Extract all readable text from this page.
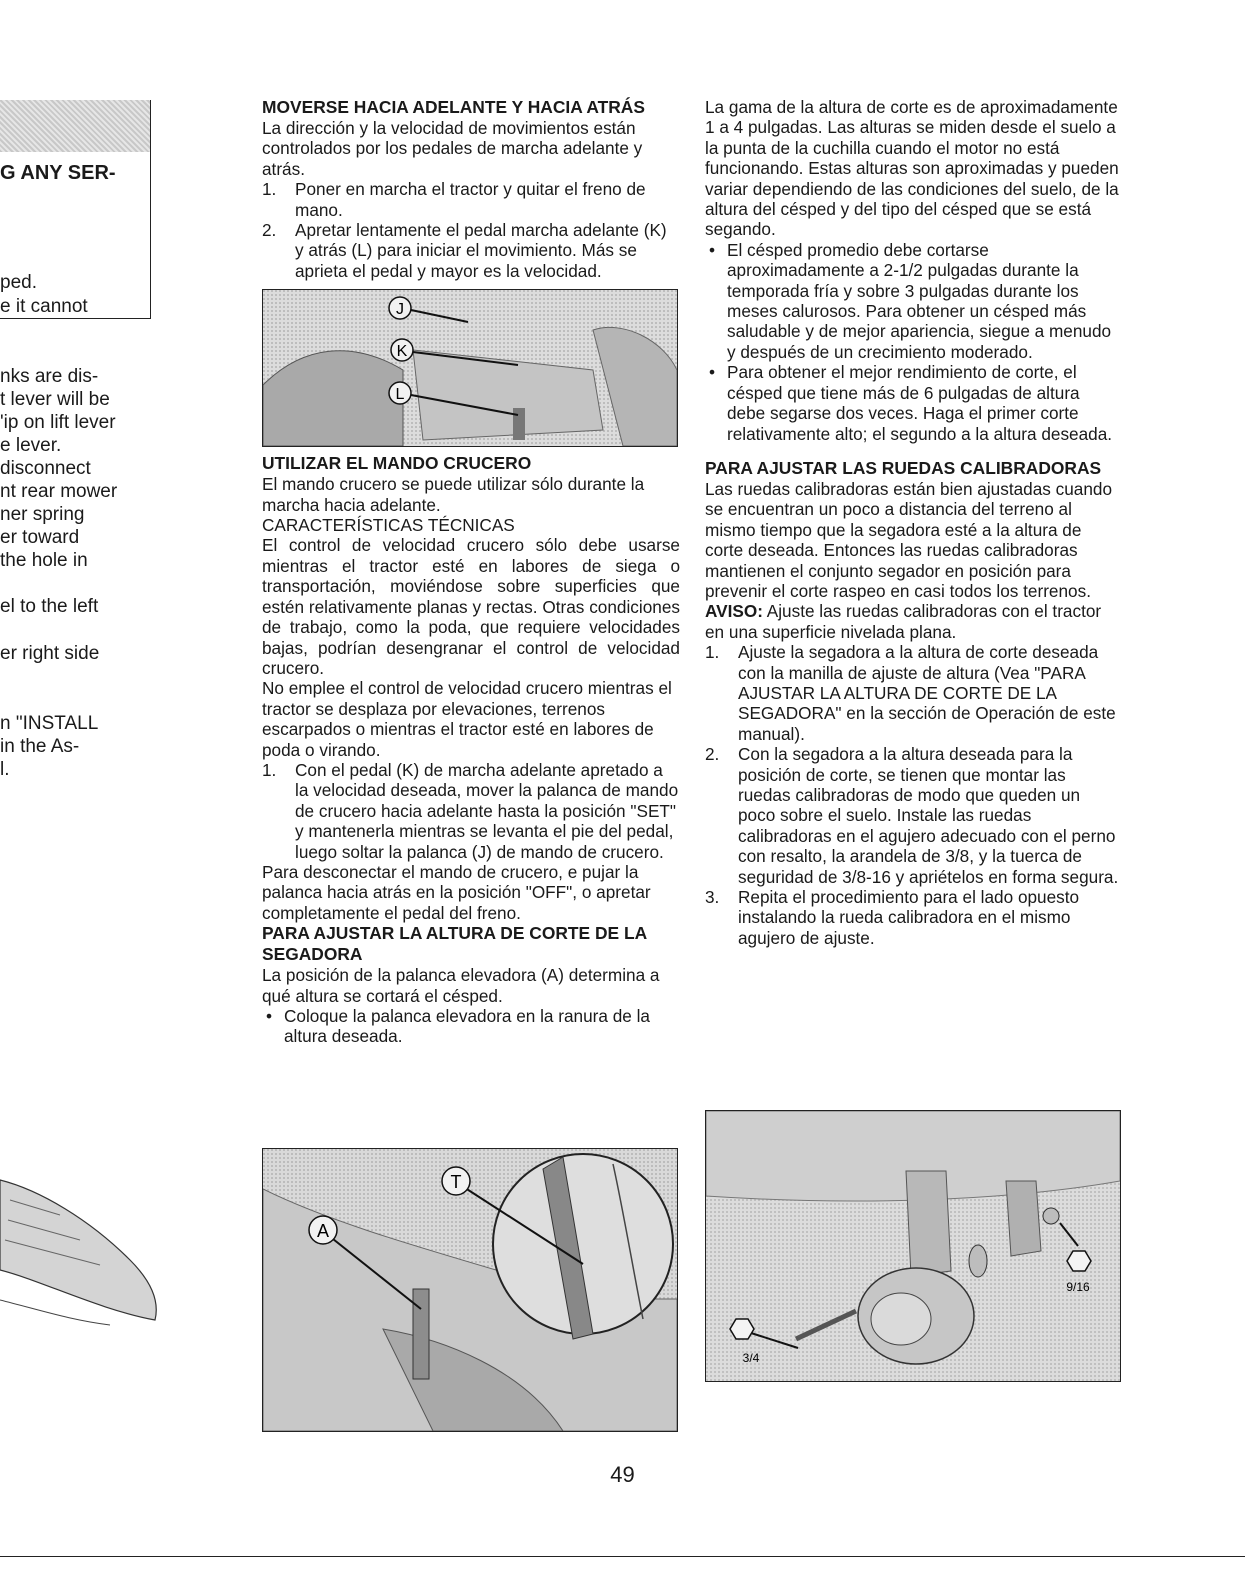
G ANY SER-
ped.
e it cannot
nks are dis-
t lever will be
'ip on lift lever
e lever.
disconnect
nt rear mower
ner spring
er toward
the hole in
el to the left
er right side
n "INSTALL
in the As-
l.
MOVERSE HACIA ADELANTE Y HACIA ATRÁS

La dirección y la velocidad de movimientos están controlados por los pedales de marcha adelante y atrás.

1. Poner en marcha el tractor y quitar el freno de mano.
2. Apretar lentamente el pedal marcha adelante (K) y atrás (L) para iniciar el movimiento. Más se aprieta el pedal y mayor es la velocidad.
J
K
L
UTILIZAR EL MANDO CRUCERO

El mando crucero se puede utilizar sólo durante la marcha hacia adelante.

CARACTERÍSTICAS TÉCNICAS

El control de velocidad crucero sólo debe usarse mientras el tractor esté en labores de siega o transportación, moviéndose sobre superficies que estén relativamente planas y rectas. Otras condiciones de trabajo, como la poda, que requiere velocidades bajas, podrían desengranar el control de velocidad crucero.

No emplee el control de velocidad crucero mientras el tractor se desplaza por elevaciones, terrenos escarpados o mientras el tractor esté en labores de poda o virando.

1. Con el pedal (K) de marcha adelante apretado a la velocidad deseada, mover la palanca de mando de crucero hacia adelante hasta la posición "SET" y mantenerla mientras se levanta el pie del pedal, luego soltar la palanca (J) de mando de crucero.

Para desconectar el mando de crucero, e pujar la palanca hacia atrás en la posición "OFF", o apretar completamente el pedal del freno.

PARA AJUSTAR LA ALTURA DE CORTE DE LA SEGADORA

La posición de la palanca elevadora (A) determina a qué altura se cortará el césped.

• Coloque la palanca elevadora en la ranura de la altura deseada.
T
A

La gama de la altura de corte es de aproximadamente 1 a 4 pulgadas. Las alturas se miden desde el suelo a la punta de la cuchilla cuando el motor no está funcionando. Estas alturas son aproximadas y pueden variar dependiendo de las condiciones del suelo, de la altura del césped y del tipo del césped que se está segando.

• El césped promedio debe cortarse aproximadamente a 2-1/2 pulgadas durante la temporada fría y sobre 3 pulgadas durante los meses calurosos. Para obtener un césped más saludable y de mejor apariencia, siegue a menudo y después de un crecimiento moderado.
• Para obtener el mejor rendimiento de corte, el césped que tiene más de 6 pulgadas de altura debe segarse dos veces. Haga el primer corte relativamente alto; el segundo a la altura deseada.
PARA AJUSTAR LAS RUEDAS CALIBRADORAS

Las ruedas calibradoras están bien ajustadas cuando se encuentran un poco a distancia del terreno al mismo tiempo que la segadora esté a la altura de corte deseada. Entonces las ruedas calibradoras mantienen el conjunto segador en posición para prevenir el corte raspeo en casi todos los terrenos.

AVISO: Ajuste las ruedas calibradoras con el tractor en una superficie nivelada plana.

1. Ajuste la segadora a la altura de corte deseada con la manilla de ajuste de altura (Vea "PARA AJUSTAR LA ALTURA DE CORTE DE LA SEGADORA" en la sección de Operación de este manual).
2. Con la segadora a la altura deseada para la posición de corte, se tienen que montar las ruedas calibradoras de modo que queden un poco sobre el suelo. Instale las ruedas calibradoras en el agujero adecuado con el perno con resalto, la arandela de 3/8, y la tuerca de seguridad de 3/8-16 y apriételos en forma segura.
3. Repita el procedimiento para el lado opuesto instalando la rueda calibradora en el mismo agujero de ajuste.
9/16
3/4
49
